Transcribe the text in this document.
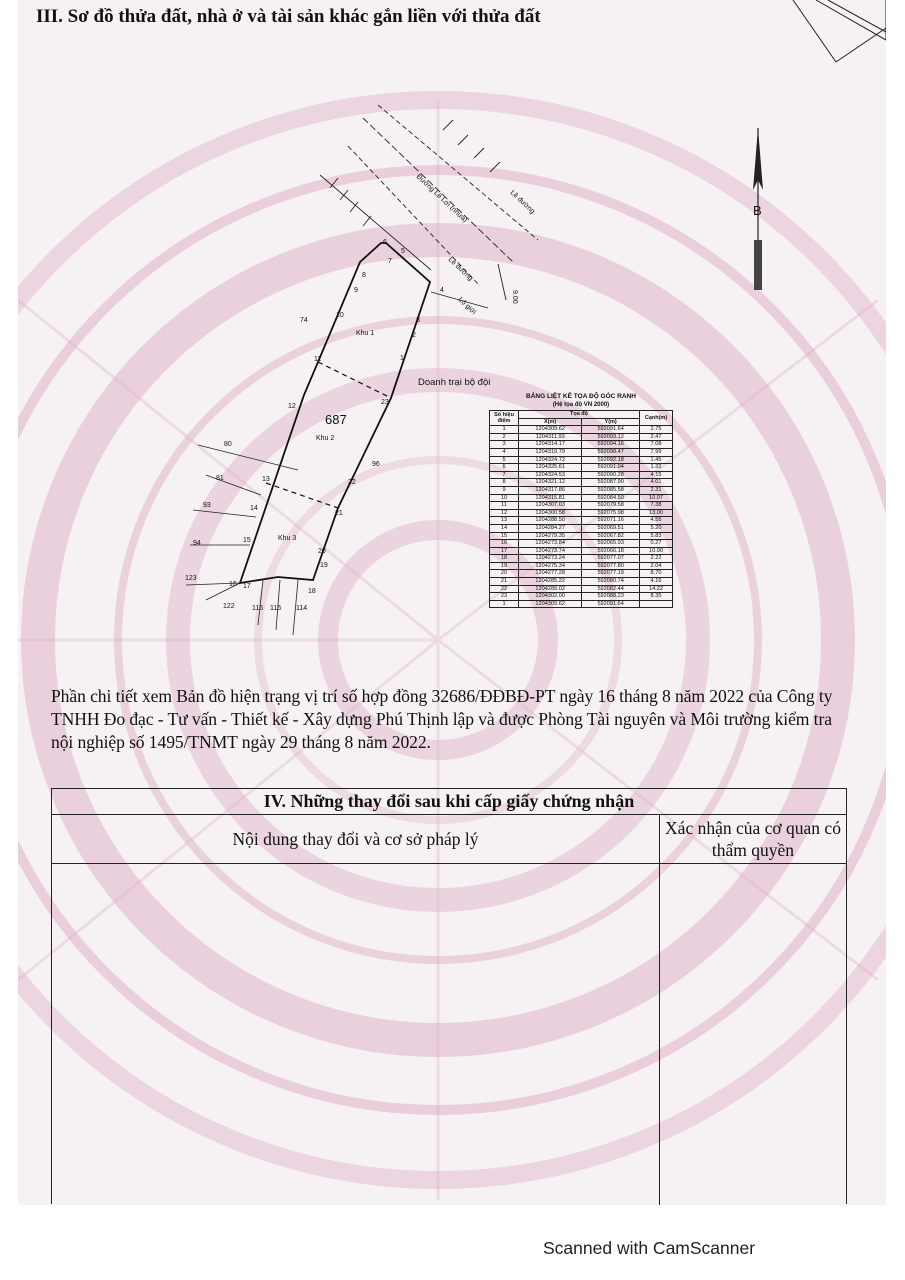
III. Sơ đồ thửa đất, nhà ở và tài sản khác gắn liền với thửa đất
B
Đường Lê Lợi (nhựa)	Lề đường
Lề đường
Lộ giới	9.00
Doanh trại bộ đội
687
Khu 1
Khu 2
Khu 3
1
2
3
4
5
6
7
8
9
10
11
12
13
14
15
16 17
18
19
20
21
22
23
74
80
81
93
94
123
122 116 115 114
96
BẢNG LIỆT KÊ TỌA ĐỘ GÓC RANH
(Hệ tọa độ VN 2000)
Số hiệu điểm	Tọa độ		Cạnh(m)
	X(m)	Y(m)	
1	1204309.62	592091.64	2.75
2	1204311.93	592093.12	2.47
3	1204314.17	592094.16	7.08
4	1204319.79	592098.47	7.99
5	1204324.72	592092.18	1.45
6	1204325.61	592091.04	1.32
7	1204324.53	592090.28	4.15
8	1204321.12	592087.90	4.01
9	1204317.86	592085.58	2.31
10	1204315.81	592084.50	10.07
11	1204307.03	592079.58	7.38
12	1204300.58	592075.98	13.00
13	1204288.50	592071.16	4.55
14	1204284.27	592069.51	5.20
15	1204279.35	592067.82	5.83
16	1204273.84	592065.93	0.27
17	1204273.74	592066.18	10.90
18	1204273.24	592077.07	2.22
19	1204275.34	592077.80	2.04
20	1204277.28	592077.19	8.70
21	1204285.22	592080.74	4.16
22	1204289.02	592082.44	14.22
23	1204302.00	592088.23	8.35
1	1204309.62	592091.64	
Phần chi tiết xem Bản đồ hiện trạng vị trí số hợp đồng 32686/ĐĐBĐ-PT ngày 16 tháng 8 năm 2022 của Công ty TNHH Đo đạc - Tư vấn - Thiết kế - Xây dựng Phú Thịnh lập và được Phòng Tài nguyên và Môi trường kiểm tra nội nghiệp số 1495/TNMT ngày 29 tháng 8 năm 2022.
IV. Những thay đổi sau khi cấp giấy chứng nhận
Nội dung thay đổi và cơ sở pháp lý
Xác nhận của cơ quan có thẩm quyền
Scanned with CamScanner
